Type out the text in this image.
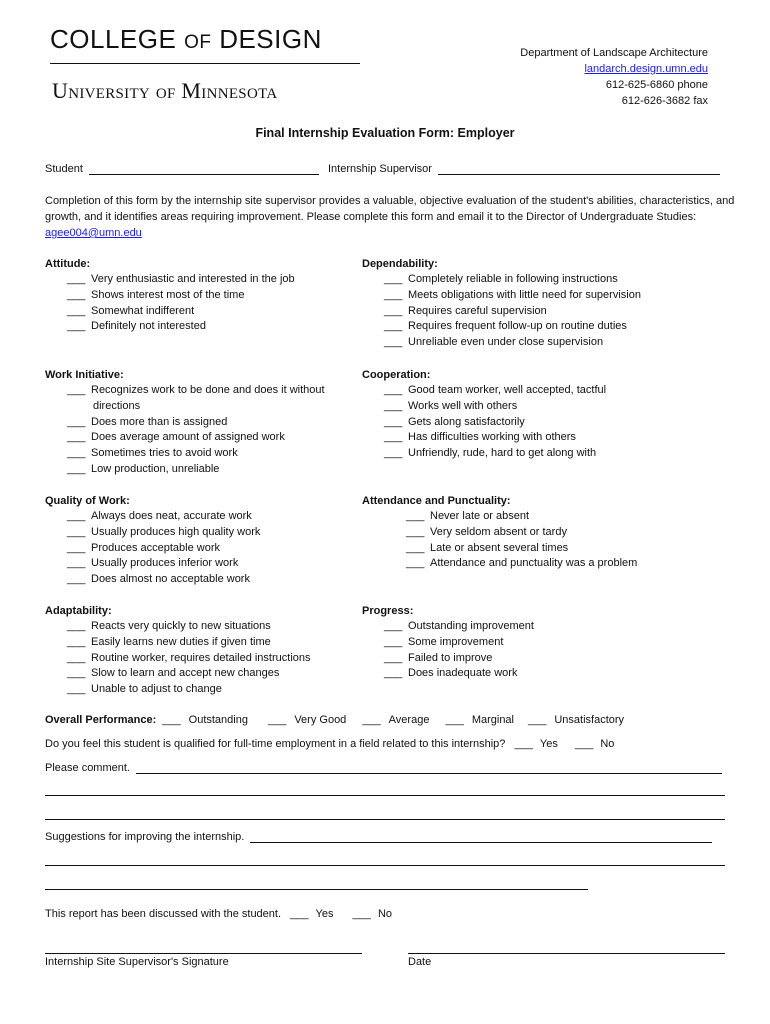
COLLEGE OF DESIGN
University of Minnesota
Department of Landscape Architecture
landarch.design.umn.edu
612-625-6860 phone
612-626-3682 fax
Final Internship Evaluation Form: Employer
Student	Internship Supervisor
Completion of this form by the internship site supervisor provides a valuable, objective evaluation of the student's abilities, characteristics, and growth, and it identifies areas requiring improvement. Please complete this form and email it to the Director of Undergraduate Studies: agee004@umn.edu
Attitude:
___ Very enthusiastic and interested in the job
___ Shows interest most of the time
___ Somewhat indifferent
___ Definitely not interested
Dependability:
___ Completely reliable in following instructions
___ Meets obligations with little need for supervision
___ Requires careful supervision
___ Requires frequent follow-up on routine duties
___ Unreliable even under close supervision
Work Initiative:
___ Recognizes work to be done and does it without
directions
___ Does more than is assigned
___ Does average amount of assigned work
___ Sometimes tries to avoid work
___ Low production, unreliable
Cooperation:
___ Good team worker, well accepted, tactful
___ Works well with others
___ Gets along satisfactorily
___ Has difficulties working with others
___ Unfriendly, rude, hard to get along with
Quality of Work:
___ Always does neat, accurate work
___ Usually produces high quality work
___ Produces acceptable work
___ Usually produces inferior work
___ Does almost no acceptable work
Attendance and Punctuality:
___ Never late or absent
___ Very seldom absent or tardy
___ Late or absent several times
___ Attendance and punctuality was a problem
Adaptability:
___ Reacts very quickly to new situations
___ Easily learns new duties if given time
___ Routine worker, requires detailed instructions
___ Slow to learn and accept new changes
___ Unable to adjust to change
Progress:
___ Outstanding improvement
___ Some improvement
___ Failed to improve
___ Does inadequate work
Overall Performance: ___ Outstanding ___ Very Good ___ Average ___ Marginal ___ Unsatisfactory
Do you feel this student is qualified for full-time employment in a field related to this internship? ___ Yes ___ No
Please comment.
Suggestions for improving the internship.
This report has been discussed with the student. ___ Yes ___ No
Internship Site Supervisor's Signature	Date
